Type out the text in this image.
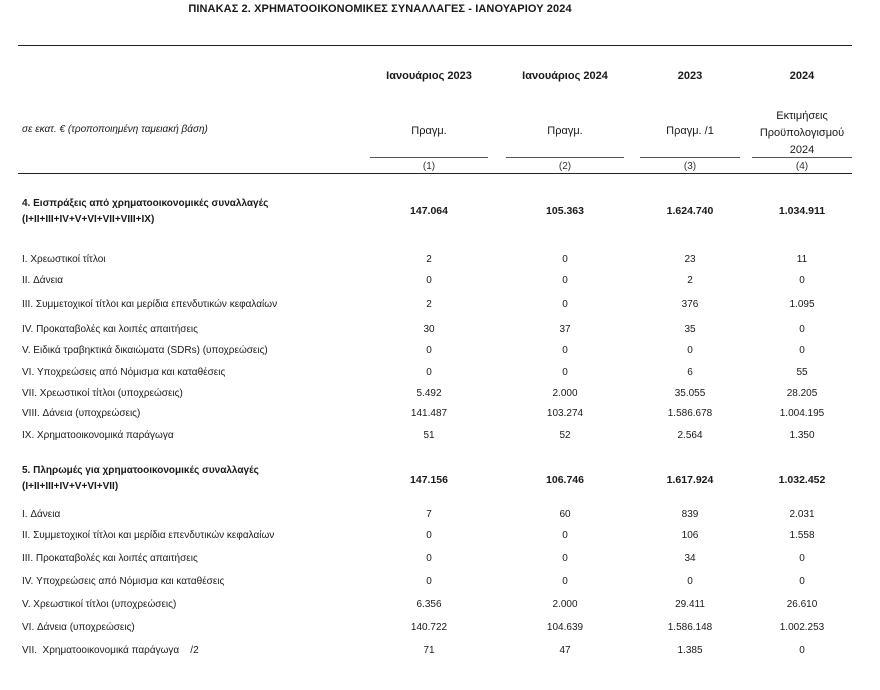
ΠΙΝΑΚΑΣ 2. ΧΡΗΜΑΤΟΟΙΚΟΝΟΜΙΚΕΣ ΣΥΝΑΛΛΑΓΕΣ - ΙΑΝΟΥΑΡΙΟΥ 2024
Ιανουάριος 2023	Ιανουάριος 2024	2023	2024
σε εκατ. € (τροποποιημένη ταμειακή βάση)	Πραγμ.	Πραγμ.	Πραγμ. /1
Εκτιμήσεις
Προϋπολογισμού
2024
(1)	(2)	(3)	(4)
4. Εισπράξεις από χρηματοοικονομικές συναλλαγές
(I+II+III+IV+V+VI+VII+VIII+IX)
147.064	105.363	1.624.740	1.034.911
I. Χρεωστικοί τίτλοι	2	0	23	11
II. Δάνεια	0	0	2	0
III. Συμμετοχικοί τίτλοι και μερίδια επενδυτικών κεφαλαίων	2	0	376	1.095
IV. Προκαταβολές και λοιπές απαιτήσεις	30	37	35	0
V. Ειδικά τραβηκτικά δικαιώματα (SDRs) (υποχρεώσεις)	0	0	0	0
VI. Υποχρεώσεις από Νόμισμα και καταθέσεις	0	0	6	55
VII. Χρεωστικοί τίτλοι (υποχρεώσεις)	5.492	2.000	35.055	28.205
VIII. Δάνεια (υποχρεώσεις)	141.487	103.274	1.586.678	1.004.195
IX. Χρηματοοικονομικά παράγωγα	51	52	2.564	1.350
5. Πληρωμές για χρηματοοικονομικές συναλλαγές
(I+II+III+IV+V+VI+VII)
147.156	106.746	1.617.924	1.032.452
I. Δάνεια	7	60	839	2.031
II. Συμμετοχικοί τίτλοι και μερίδια επενδυτικών κεφαλαίων	0	0	106	1.558
III. Προκαταβολές και λοιπές απαιτήσεις	0	0	34	0
IV. Υποχρεώσεις από Νόμισμα και καταθέσεις	0	0	0	0
V. Χρεωστικοί τίτλοι (υποχρεώσεις)	6.356	2.000	29.411	26.610
VI. Δάνεια (υποχρεώσεις)	140.722	104.639	1.586.148	1.002.253
VII.  Χρηματοοικονομικά παράγωγα    /2	71	47	1.385	0
